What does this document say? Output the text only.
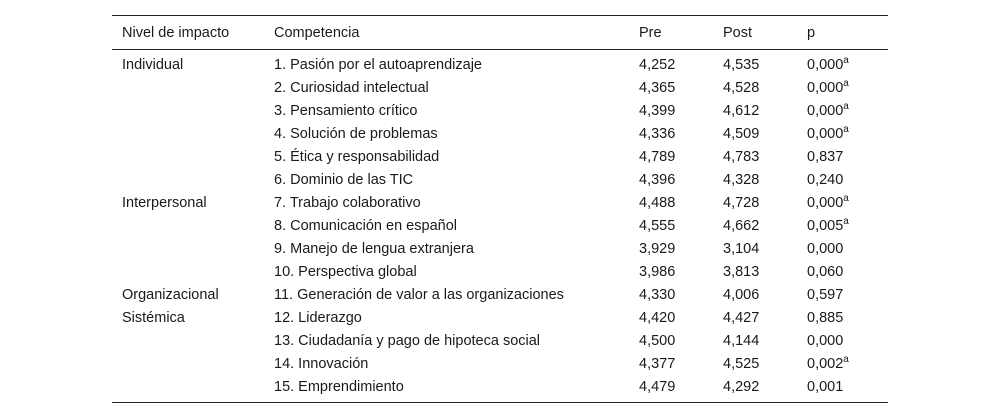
Nivel de impacto	Competencia	Pre	Post	p
Individual	1. Pasión por el autoaprendizaje	4,252	4,535	0,000$^a$
	2. Curiosidad intelectual	4,365	4,528	0,000$^a$
	3. Pensamiento crítico	4,399	4,612	0,000$^a$
	4. Solución de problemas	4,336	4,509	0,000$^a$
	5. Ética y responsabilidad	4,789	4,783	0,837
	6. Dominio de las TIC	4,396	4,328	0,240
Interpersonal	7. Trabajo colaborativo	4,488	4,728	0,000$^a$
	8. Comunicación en español	4,555	4,662	0,005$^a$
	9. Manejo de lengua extranjera	3,929	3,104	0,000
	10. Perspectiva global	3,986	3,813	0,060
Organizacional	11. Generación de valor a las organizaciones	4,330	4,006	0,597
Sistémica	12. Liderazgo	4,420	4,427	0,885
	13. Ciudadanía y pago de hipoteca social	4,500	4,144	0,000
	14. Innovación	4,377	4,525	0,002$^a$
	15. Emprendimiento	4,479	4,292	0,001
